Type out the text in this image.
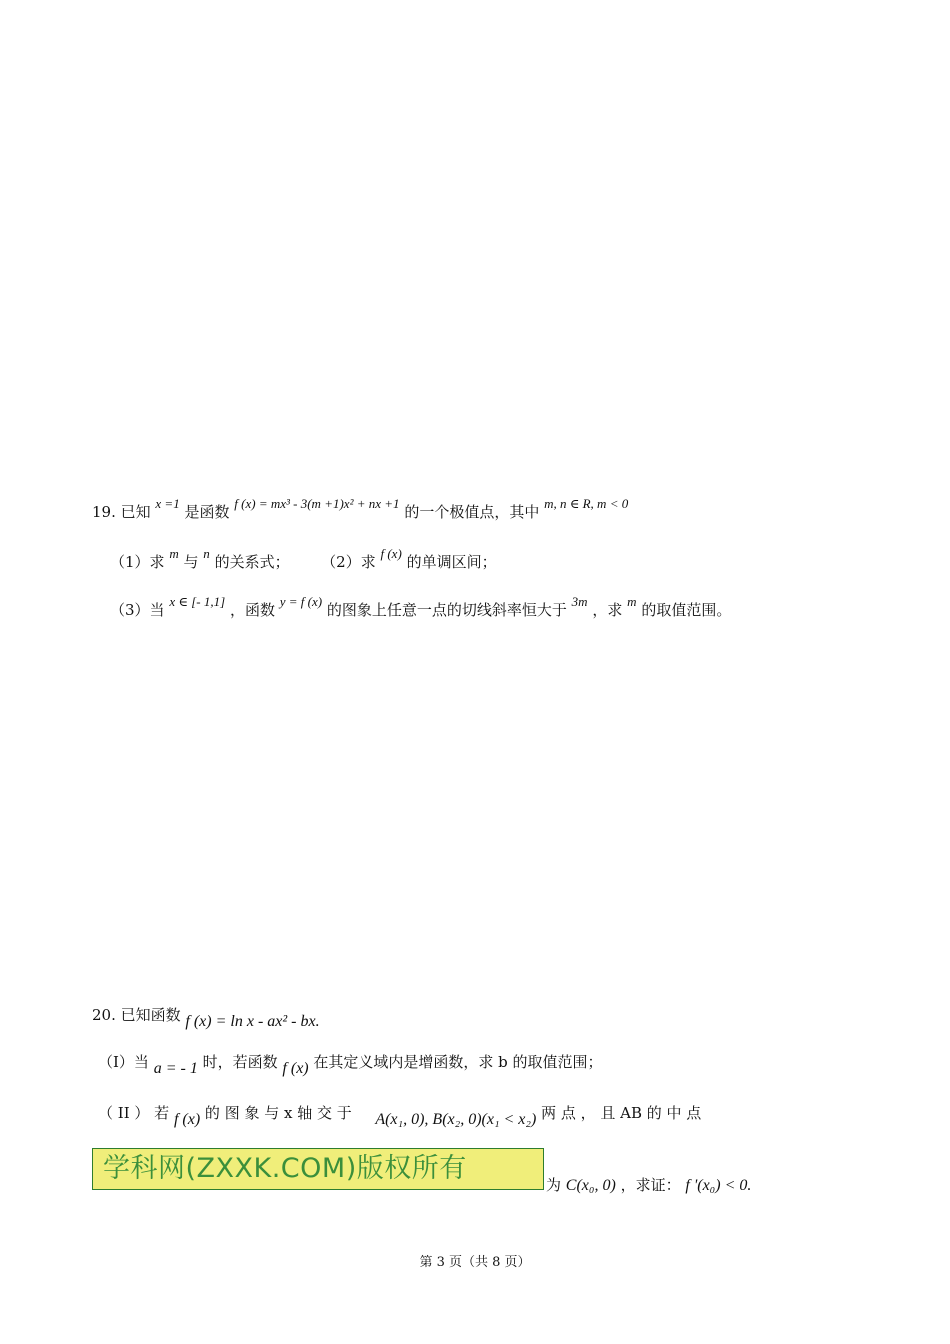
19. 已知 x =1 是函数 f (x) = mx³ - 3(m +1)x² + nx +1 的一个极值点，其中 m, n ∈ R, m < 0
（1）求 m 与 n 的关系式； （2）求 f (x) 的单调区间；
（3）当 x ∈ [- 1,1] ，函数 y = f (x) 的图象上任意一点的切线斜率恒大于 3m ，求 m 的取值范围。
20. 已知函数 f (x) = ln x - ax² - bx.
（I）当 a = - 1 时，若函数 f (x) 在其定义域内是增函数，求 b 的取值范围；
（ II ） 若 f (x) 的 图 象 与 x 轴 交 于 A(x₁, 0), B(x₂, 0)(x₁ < x₂) 两 点 ， 且 AB 的 中 点
学科网(ZXXK.COM)版权所有
为 C(x₀, 0) ，求证： f '(x₀) < 0.
第 3 页（共 8 页）
